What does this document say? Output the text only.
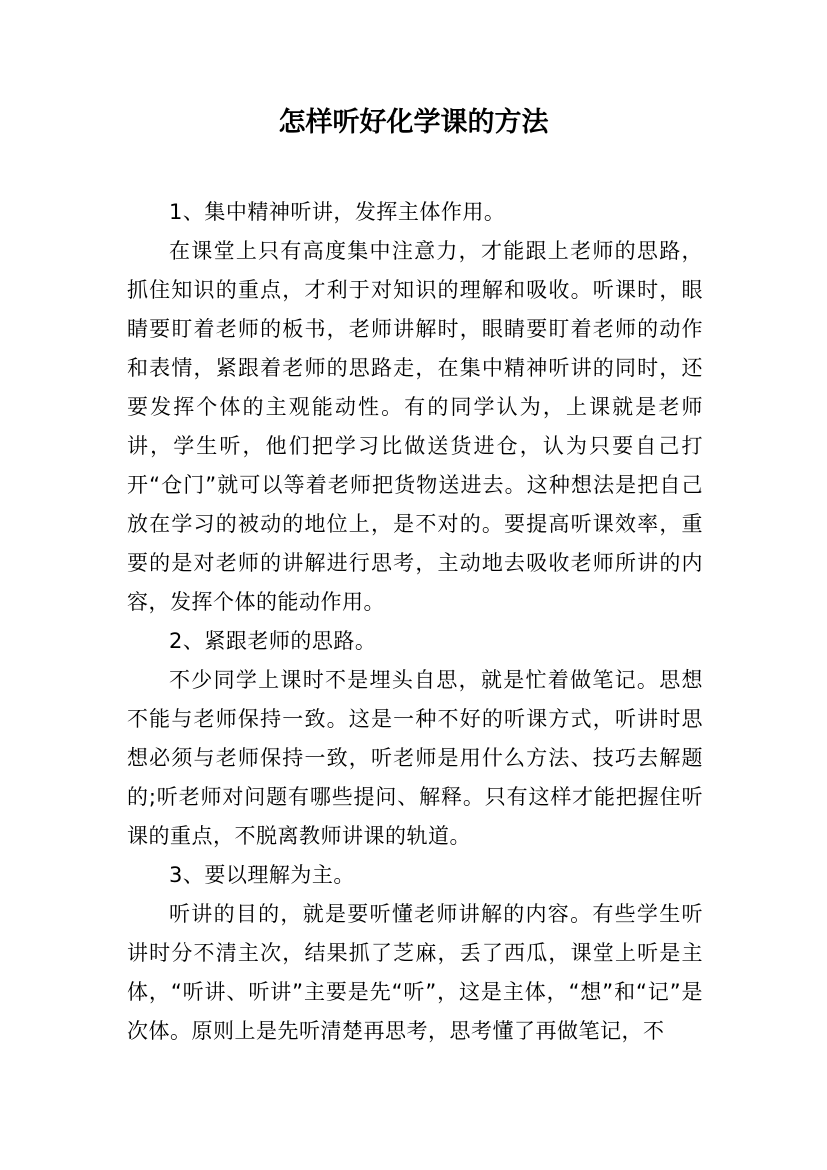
怎样听好化学课的方法

1、集中精神听讲，发挥主体作用。

在课堂上只有高度集中注意力，才能跟上老师的思路，抓住知识的重点，才利于对知识的理解和吸收。听课时，眼睛要盯着老师的板书，老师讲解时，眼睛要盯着老师的动作和表情，紧跟着老师的思路走，在集中精神听讲的同时，还要发挥个体的主观能动性。有的同学认为，上课就是老师讲，学生听，他们把学习比做送货进仓，认为只要自己打开“仓门”就可以等着老师把货物送进去。这种想法是把自己放在学习的被动的地位上，是不对的。要提高听课效率，重要的是对老师的讲解进行思考，主动地去吸收老师所讲的内容，发挥个体的能动作用。

2、紧跟老师的思路。

不少同学上课时不是埋头自思，就是忙着做笔记。思想不能与老师保持一致。这是一种不好的听课方式，听讲时思想必须与老师保持一致，听老师是用什么方法、技巧去解题的;听老师对问题有哪些提问、解释。只有这样才能把握住听课的重点，不脱离教师讲课的轨道。

3、要以理解为主。

听讲的目的，就是要听懂老师讲解的内容。有些学生听讲时分不清主次，结果抓了芝麻，丢了西瓜，课堂上听是主体，“听讲、听讲”主要是先“听”，这是主体，“想”和“记”是次体。原则上是先听清楚再思考，思考懂了再做笔记，不
